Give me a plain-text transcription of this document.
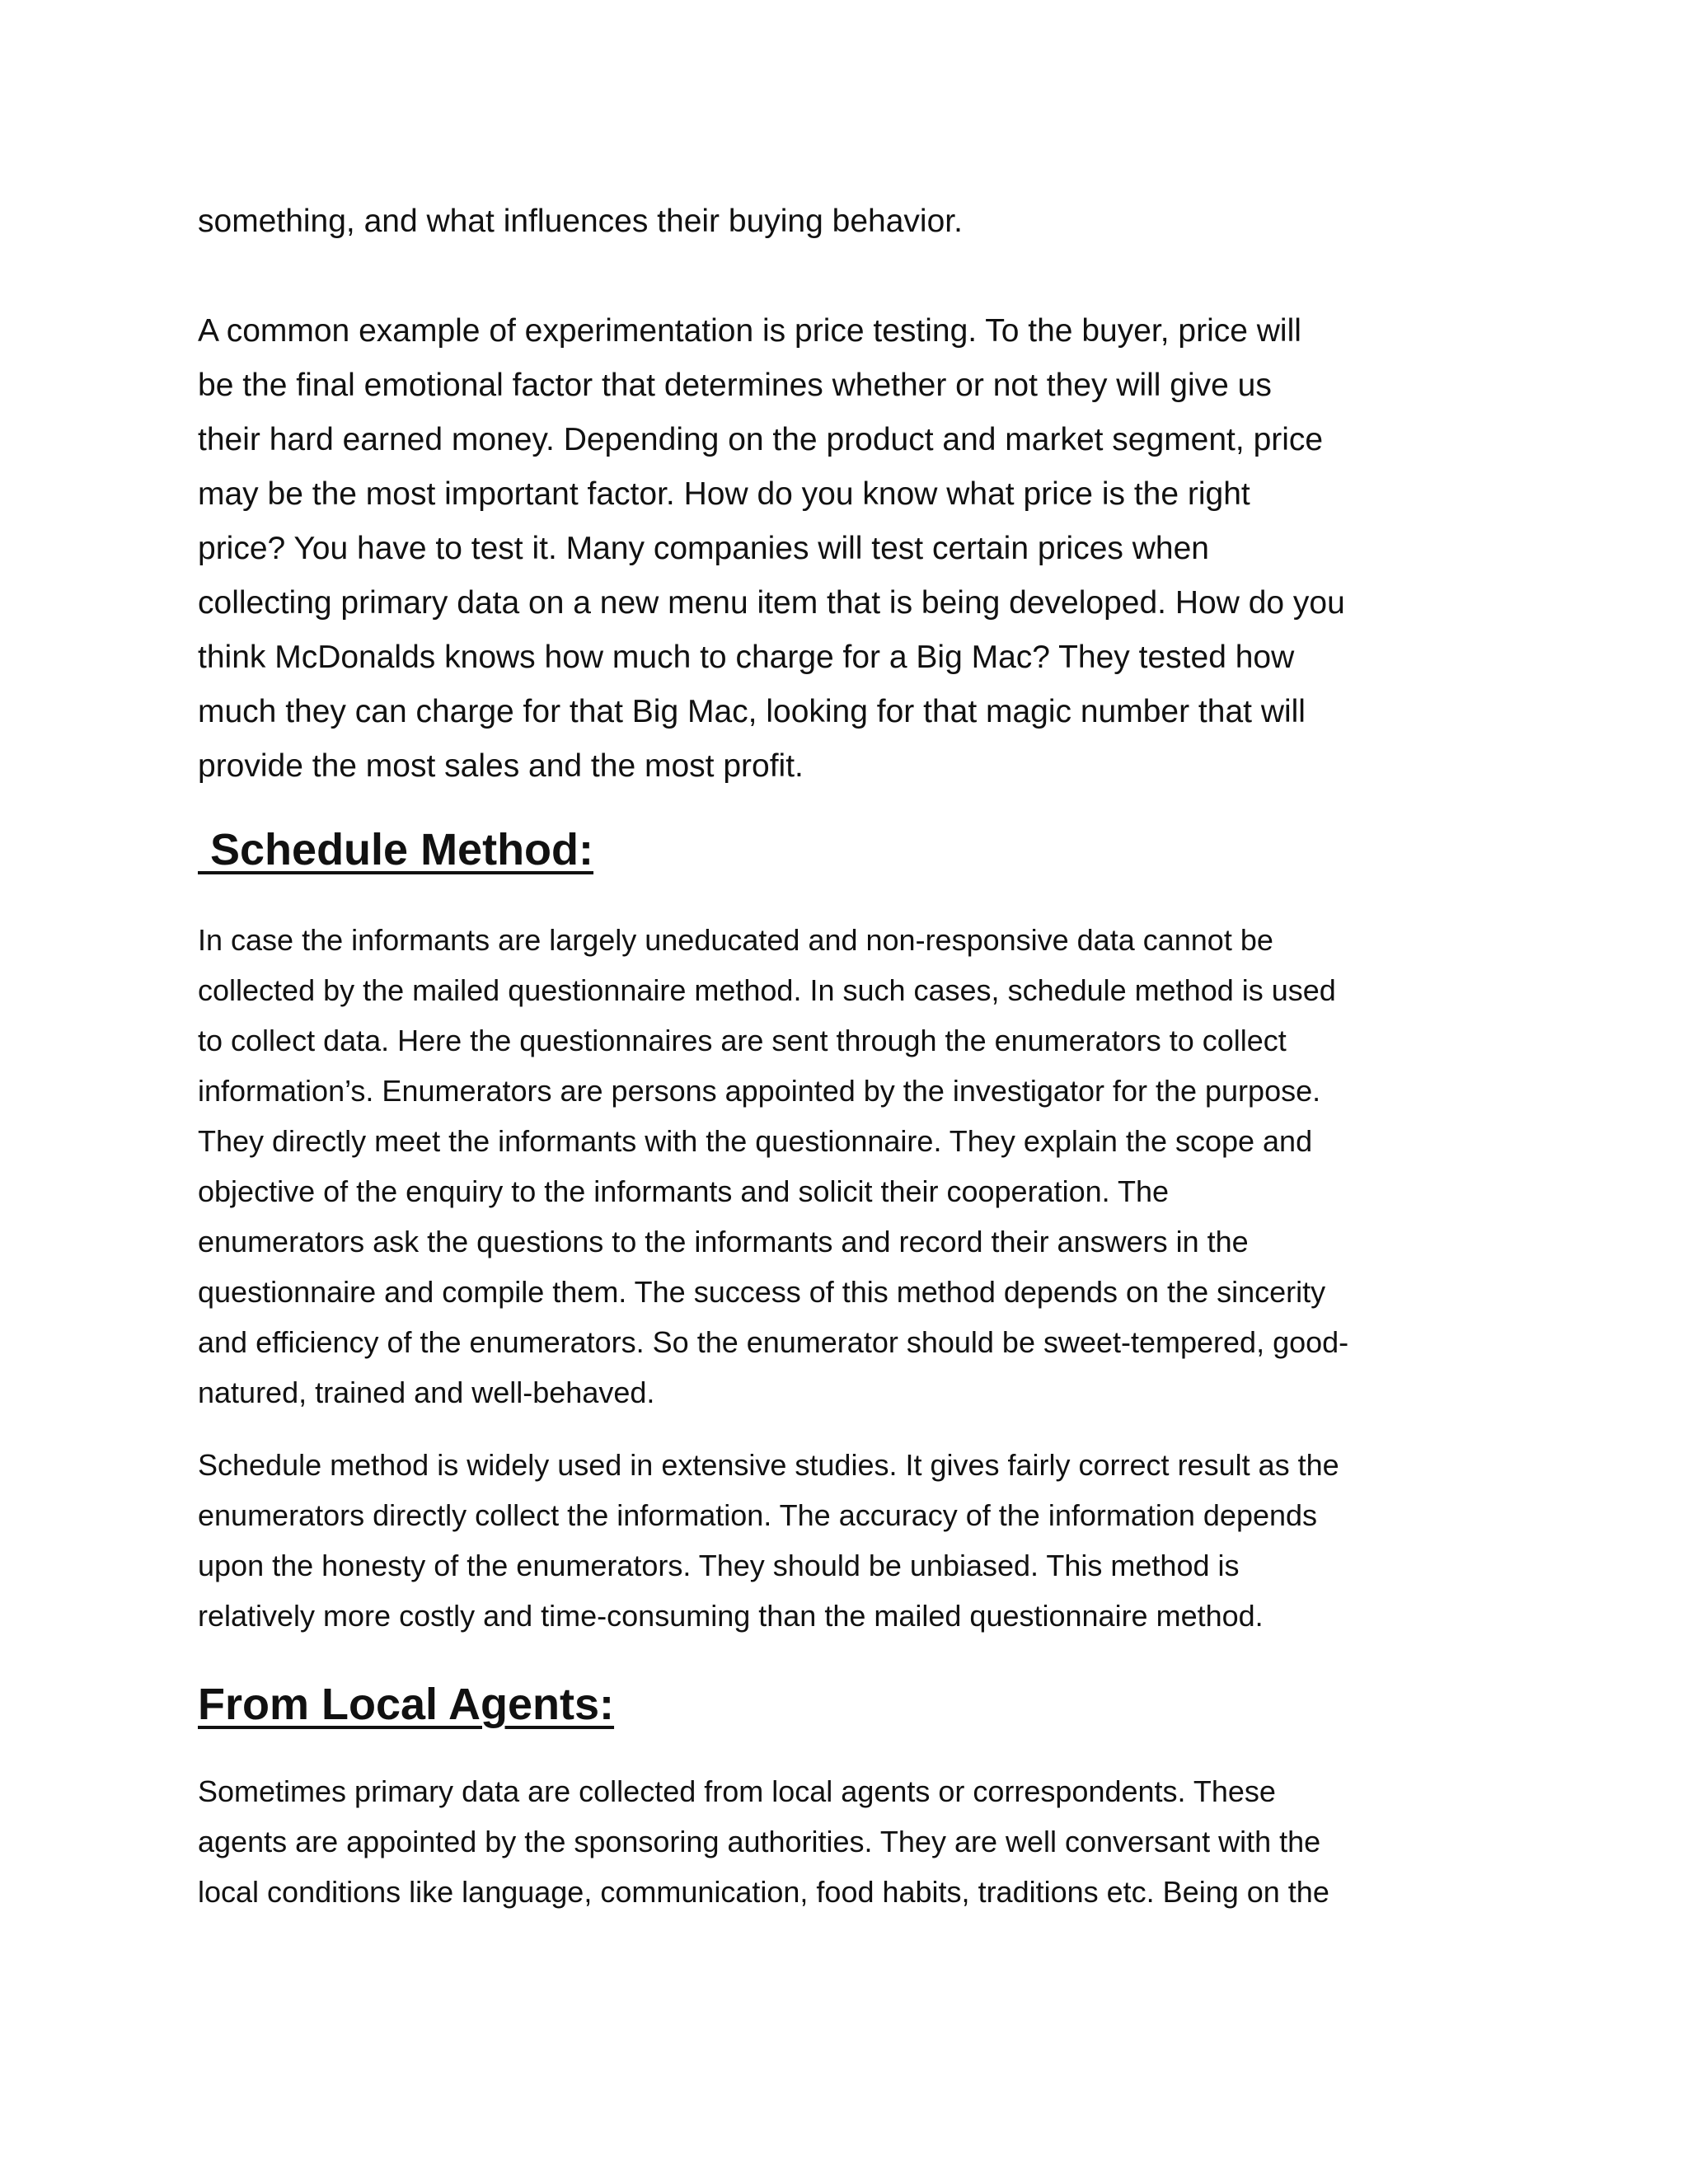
something, and what influences their buying behavior.

A common example of experimentation is price testing. To the buyer, price will
be the final emotional factor that determines whether or not they will give us
their hard earned money. Depending on the product and market segment, price
may be the most important factor. How do you know what price is the right
price? You have to test it. Many companies will test certain prices when
collecting primary data on a new menu item that is being developed. How do you
think McDonalds knows how much to charge for a Big Mac? They tested how
much they can charge for that Big Mac, looking for that magic number that will
provide the most sales and the most profit.

Schedule Method:

In case the informants are largely uneducated and non-responsive data cannot be
collected by the mailed questionnaire method. In such cases, schedule method is used
to collect data. Here the questionnaires are sent through the enumerators to collect
information’s. Enumerators are persons appointed by the investigator for the purpose.
They directly meet the informants with the questionnaire. They explain the scope and
objective of the enquiry to the informants and solicit their cooperation. The
enumerators ask the questions to the informants and record their answers in the
questionnaire and compile them. The success of this method depends on the sincerity
and efficiency of the enumerators. So the enumerator should be sweet-tempered, good-
natured, trained and well-behaved.

Schedule method is widely used in extensive studies. It gives fairly correct result as the
enumerators directly collect the information. The accuracy of the information depends
upon the honesty of the enumerators. They should be unbiased. This method is
relatively more costly and time-consuming than the mailed questionnaire method.

From Local Agents:

Sometimes primary data are collected from local agents or correspondents. These
agents are appointed by the sponsoring authorities. They are well conversant with the
local conditions like language, communication, food habits, traditions etc. Being on the
